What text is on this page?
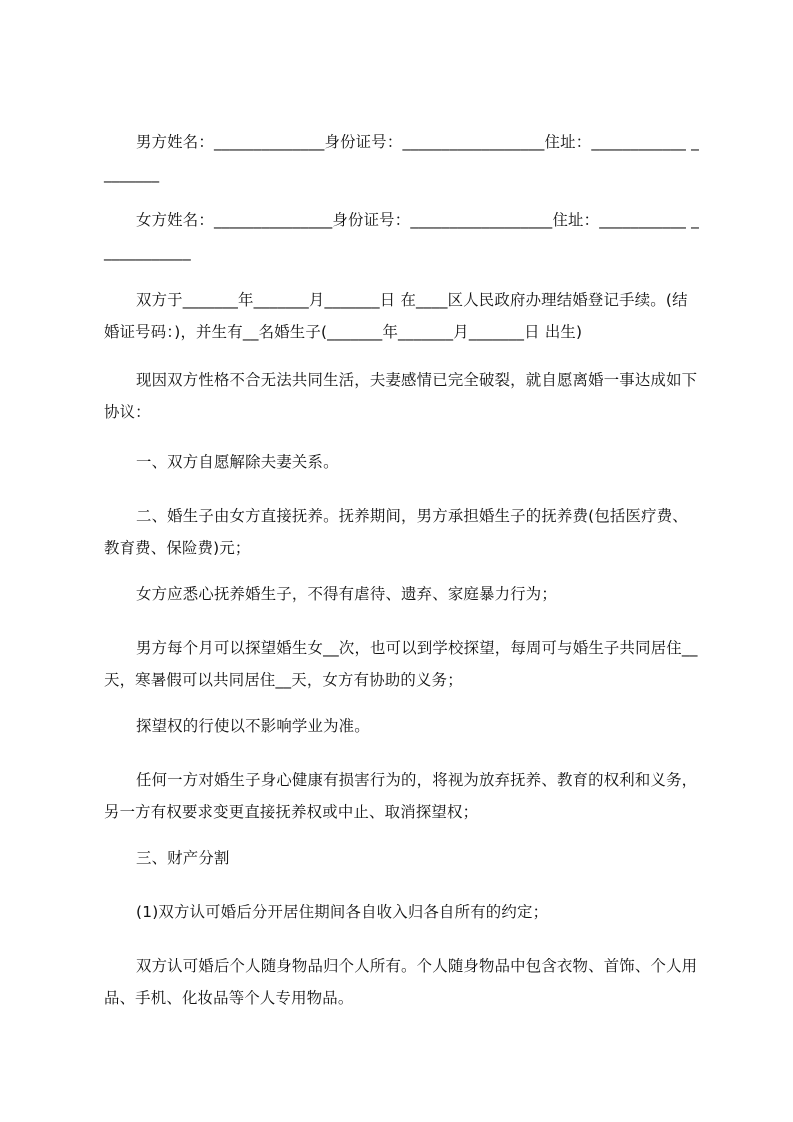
男方姓名：______________身份证号：__________________住址：____________ ________

女方姓名：_______________身份证号：__________________住址：___________ ____________

双方于_______年_______月_______日 在____区人民政府办理结婚登记手续。(结婚证号码：)，并生有__名婚生子(_______年_______月_______日 出生)

现因双方性格不合无法共同生活，夫妻感情已完全破裂，就自愿离婚一事达成如下协议：

一、双方自愿解除夫妻关系。

二、婚生子由女方直接抚养。抚养期间，男方承担婚生子的抚养费(包括医疗费、教育费、保险费)元；

女方应悉心抚养婚生子，不得有虐待、遗弃、家庭暴力行为；

男方每个月可以探望婚生女__次，也可以到学校探望，每周可与婚生子共同居住__天，寒暑假可以共同居住__天，女方有协助的义务；

探望权的行使以不影响学业为准。

任何一方对婚生子身心健康有损害行为的，将视为放弃抚养、教育的权利和义务，另一方有权要求变更直接抚养权或中止、取消探望权；

三、财产分割

(1)双方认可婚后分开居住期间各自收入归各自所有的约定；

双方认可婚后个人随身物品归个人所有。个人随身物品中包含衣物、首饰、个人用品、手机、化妆品等个人专用物品。
